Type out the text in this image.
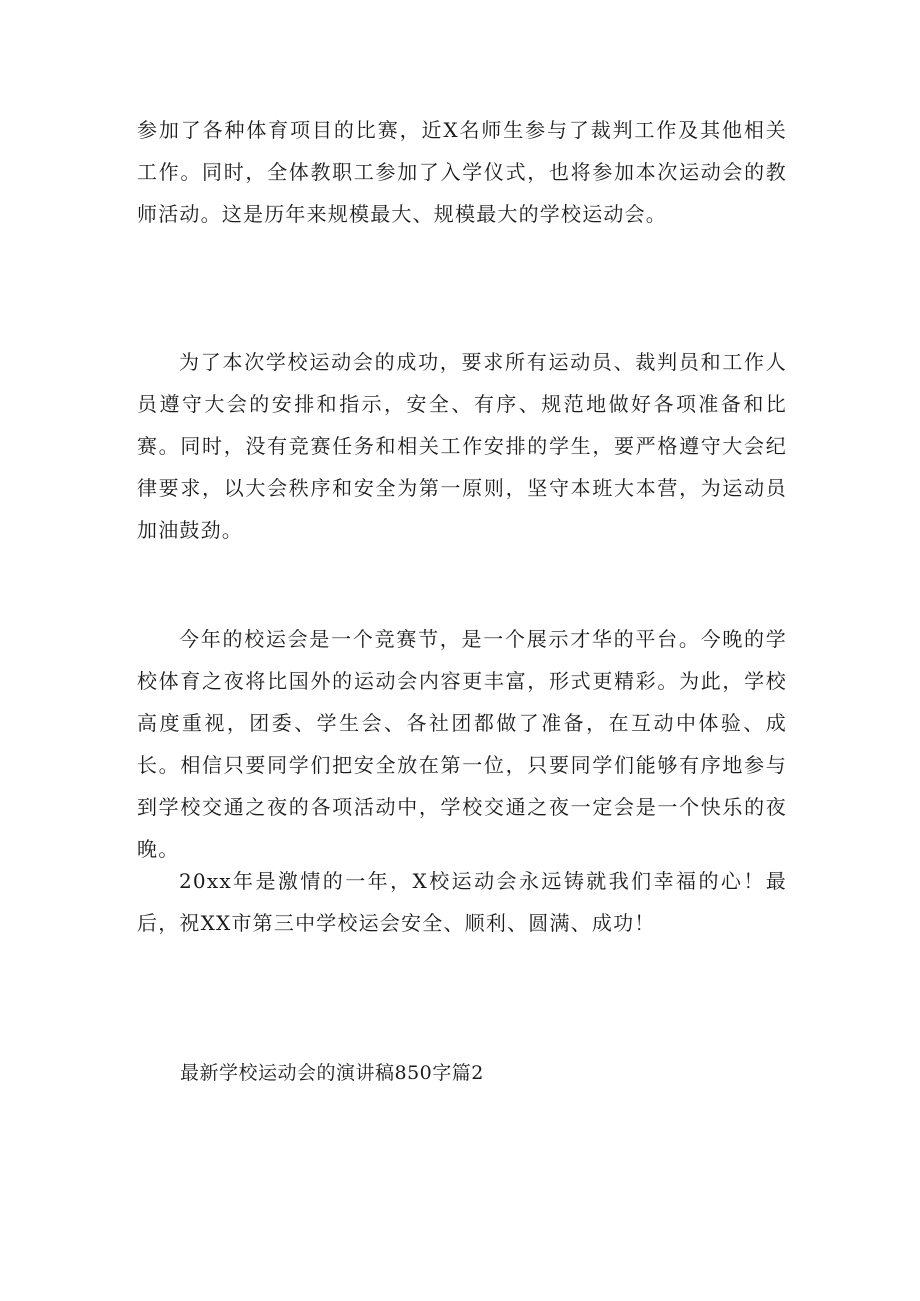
参加了各种体育项目的比赛，近X名师生参与了裁判工作及其他相关工作。同时，全体教职工参加了入学仪式，也将参加本次运动会的教师活动。这是历年来规模最大、规模最大的学校运动会。

为了本次学校运动会的成功，要求所有运动员、裁判员和工作人员遵守大会的安排和指示，安全、有序、规范地做好各项准备和比赛。同时，没有竞赛任务和相关工作安排的学生，要严格遵守大会纪律要求，以大会秩序和安全为第一原则，坚守本班大本营，为运动员加油鼓劲。

今年的校运会是一个竞赛节，是一个展示才华的平台。今晚的学校体育之夜将比国外的运动会内容更丰富，形式更精彩。为此，学校高度重视，团委、学生会、各社团都做了准备，在互动中体验、成长。相信只要同学们把安全放在第一位，只要同学们能够有序地参与到学校交通之夜的各项活动中，学校交通之夜一定会是一个快乐的夜晚。

20xx年是激情的一年，X校运动会永远铸就我们幸福的心！最后，祝XX市第三中学校运会安全、顺利、圆满、成功！

最新学校运动会的演讲稿850字篇2
